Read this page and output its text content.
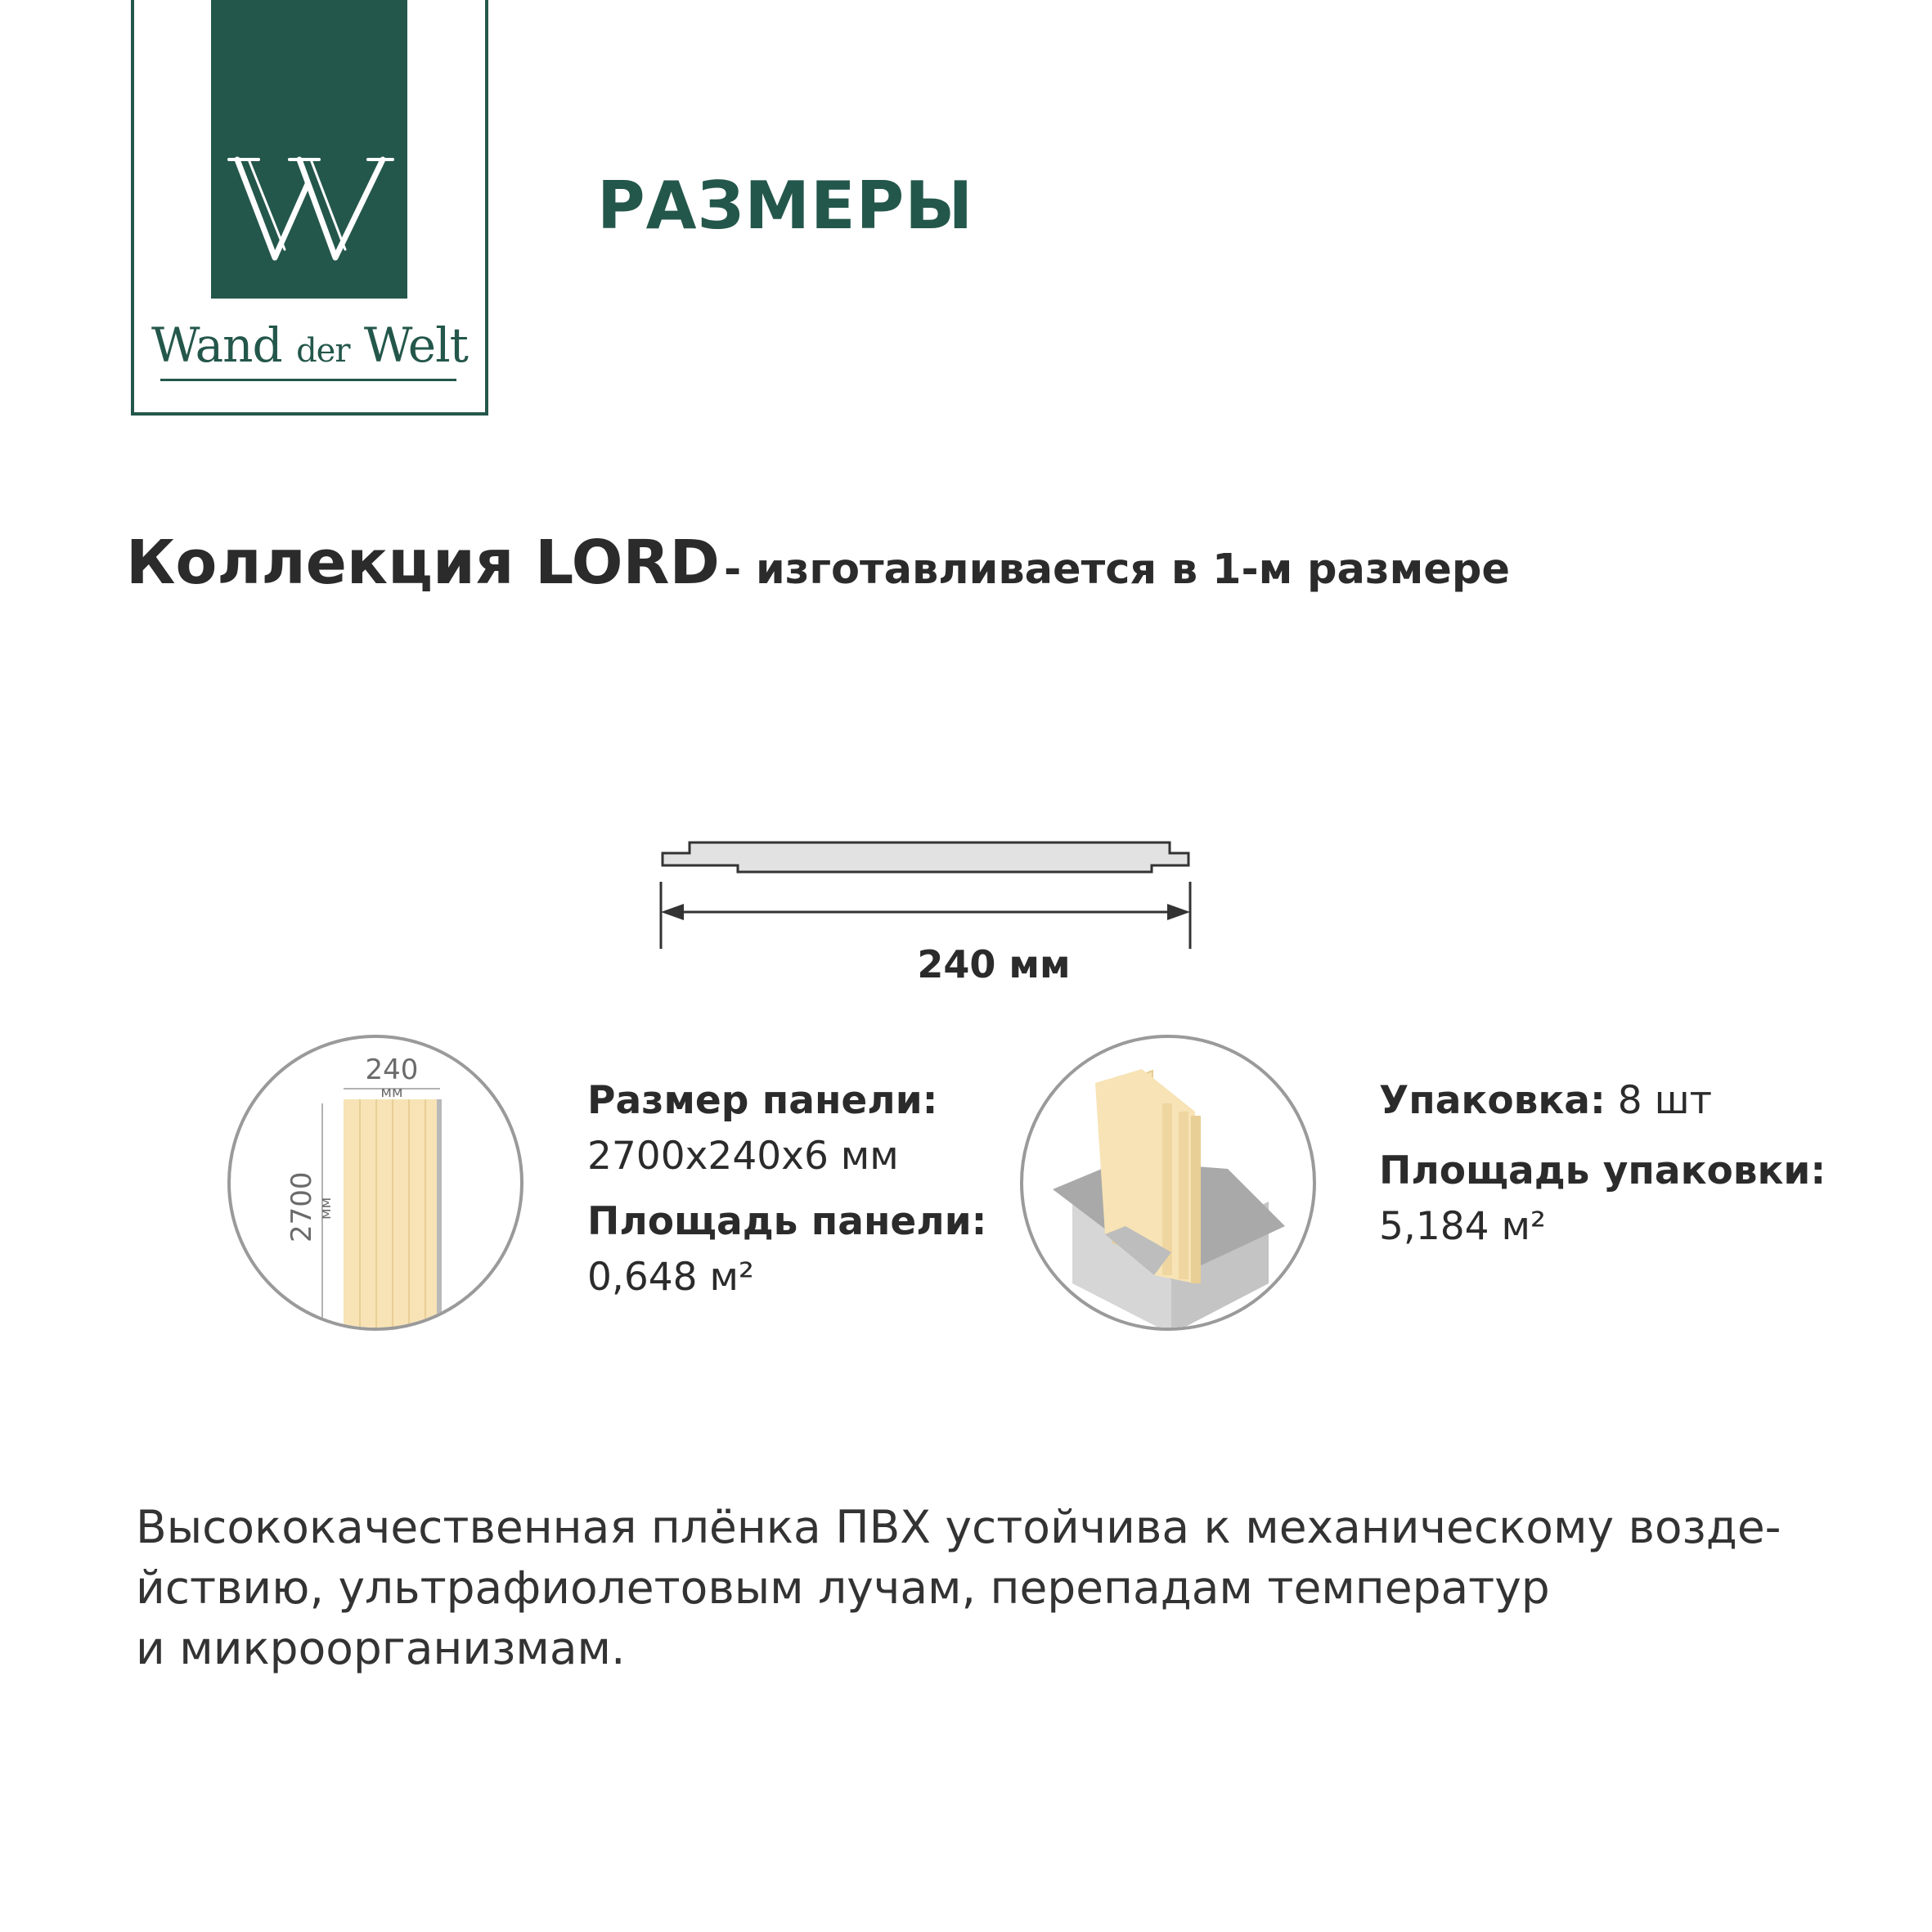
Wand der Welt
РАЗМЕРЫ
Коллекция LORD - изготавливается в 1-м размере
240 мм
240
мм
2700 мм
Размер панели:
2700х240х6 мм
Площадь панели:
0,648 м²
Упаковка: 8 шт
Площадь упаковки:
5,184 м²
Высококачественная плёнка ПВХ устойчива к механическому возде-
йствию, ультрафиолетовым лучам, перепадам температур
и микроорганизмам.
